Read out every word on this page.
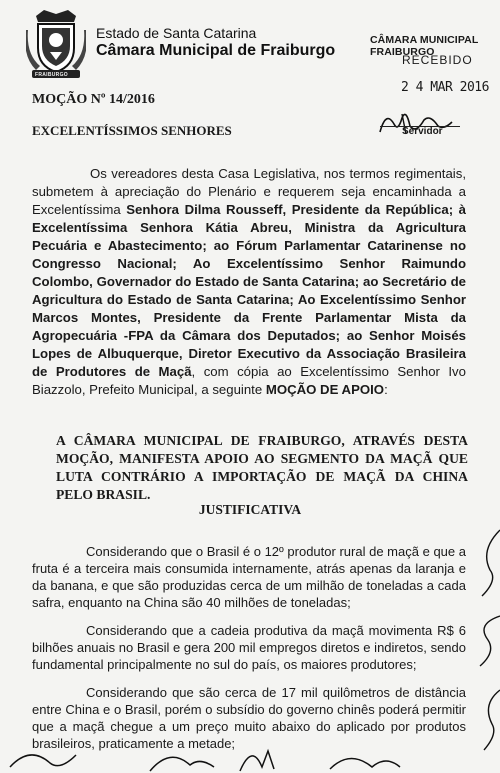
FRAIBURGO
Estado de Santa Catarina
Câmara Municipal de Fraiburgo
CÂMARA MUNICIPAL FRAIBURGO
RECEBIDO
2 4 MAR 2016
Servidor
MOÇÃO Nº 14/2016
EXCELENTÍSSIMOS SENHORES
Os vereadores desta Casa Legislativa, nos termos regimentais, submetem à apreciação do Plenário e requerem seja encaminhada a Excelentíssima Senhora Dilma Rousseff, Presidente da República; à Excelentíssima Senhora Kátia Abreu, Ministra da Agricultura Pecuária e Abastecimento; ao Fórum Parlamentar Catarinense no Congresso Nacional; Ao Excelentíssimo Senhor Raimundo Colombo, Governador do Estado de Santa Catarina; ao Secretário de Agricultura do Estado de Santa Catarina; Ao Excelentíssimo Senhor Marcos Montes, Presidente da Frente Parlamentar Mista da Agropecuária -FPA da Câmara dos Deputados; ao Senhor Moisés Lopes de Albuquerque, Diretor Executivo da Associação Brasileira de Produtores de Maçã, com cópia ao Excelentíssimo Senhor Ivo Biazzolo, Prefeito Municipal, a seguinte MOÇÃO DE APOIO:
A CÂMARA MUNICIPAL DE FRAIBURGO, ATRAVÉS DESTA MOÇÃO, MANIFESTA APOIO AO SEGMENTO DA MAÇÃ QUE LUTA CONTRÁRIO A IMPORTAÇÃO DE MAÇÃ DA CHINA PELO BRASIL.
JUSTIFICATIVA
Considerando que o Brasil é o 12º produtor rural de maçã e que a fruta é a terceira mais consumida internamente, atrás apenas da laranja e da banana, e que são produzidas cerca de um milhão de toneladas a cada safra, enquanto na China são 40 milhões de toneladas;
Considerando que a cadeia produtiva da maçã movimenta R$ 6 bilhões anuais no Brasil e gera 200 mil empregos diretos e indiretos, sendo fundamental principalmente no sul do país, os maiores produtores;
Considerando que são cerca de 17 mil quilômetros de distância entre China e o Brasil, porém o subsídio do governo chinês poderá permitir que a maçã chegue a um preço muito abaixo do aplicado por produtos brasileiros, praticamente a metade;
